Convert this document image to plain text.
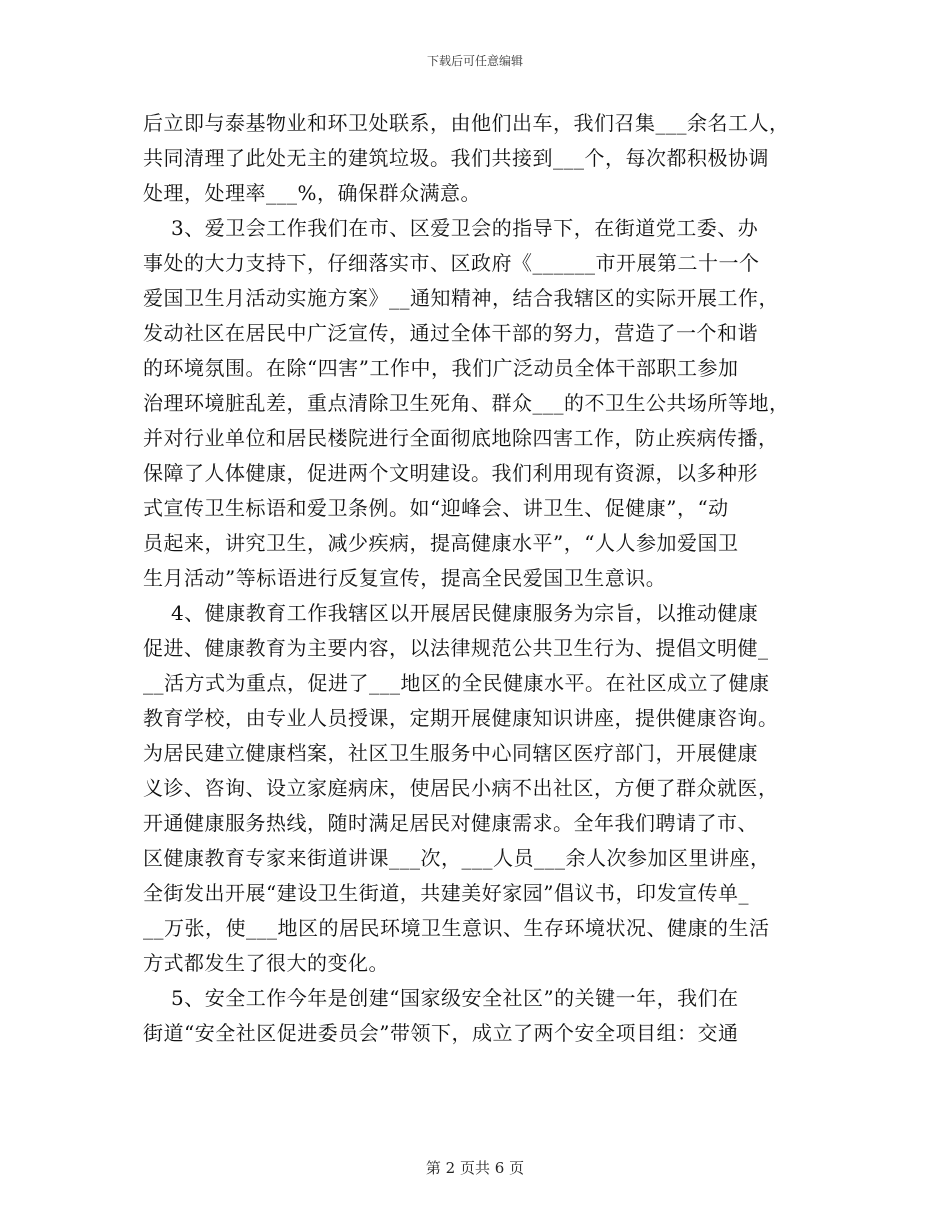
下载后可任意编辑
后立即与泰基物业和环卫处联系，由他们出车，我们召集___余名工人，
共同清理了此处无主的建筑垃圾。我们共接到___个，每次都积极协调
处理，处理率___%，确保群众满意。
3、爱卫会工作我们在市、区爱卫会的指导下，在街道党工委、办
事处的大力支持下，仔细落实市、区政府《______市开展第二十一个
爱国卫生月活动实施方案》__通知精神，结合我辖区的实际开展工作，
发动社区在居民中广泛宣传，通过全体干部的努力，营造了一个和谐
的环境氛围。在除“四害”工作中，我们广泛动员全体干部职工参加
治理环境脏乱差，重点清除卫生死角、群众___的不卫生公共场所等地，
并对行业单位和居民楼院进行全面彻底地除四害工作，防止疾病传播，
保障了人体健康，促进两个文明建设。我们利用现有资源，以多种形
式宣传卫生标语和爱卫条例。如“迎峰会、讲卫生、促健康”，“动
员起来，讲究卫生，减少疾病，提高健康水平”，“人人参加爱国卫
生月活动”等标语进行反复宣传，提高全民爱国卫生意识。
4、健康教育工作我辖区以开展居民健康服务为宗旨，以推动健康
促进、健康教育为主要内容，以法律规范公共卫生行为、提倡文明健_
__活方式为重点，促进了___地区的全民健康水平。在社区成立了健康
教育学校，由专业人员授课，定期开展健康知识讲座，提供健康咨询。
为居民建立健康档案，社区卫生服务中心同辖区医疗部门，开展健康
义诊、咨询、设立家庭病床，使居民小病不出社区，方便了群众就医，
开通健康服务热线，随时满足居民对健康需求。全年我们聘请了市、
区健康教育专家来街道讲课___次，___人员___余人次参加区里讲座，
全街发出开展“建设卫生街道，共建美好家园”倡议书，印发宣传单_
__万张，使___地区的居民环境卫生意识、生存环境状况、健康的生活
方式都发生了很大的变化。
5、安全工作今年是创建“国家级安全社区”的关键一年，我们在
街道“安全社区促进委员会”带领下，成立了两个安全项目组：交通
第 2 页共 6 页
